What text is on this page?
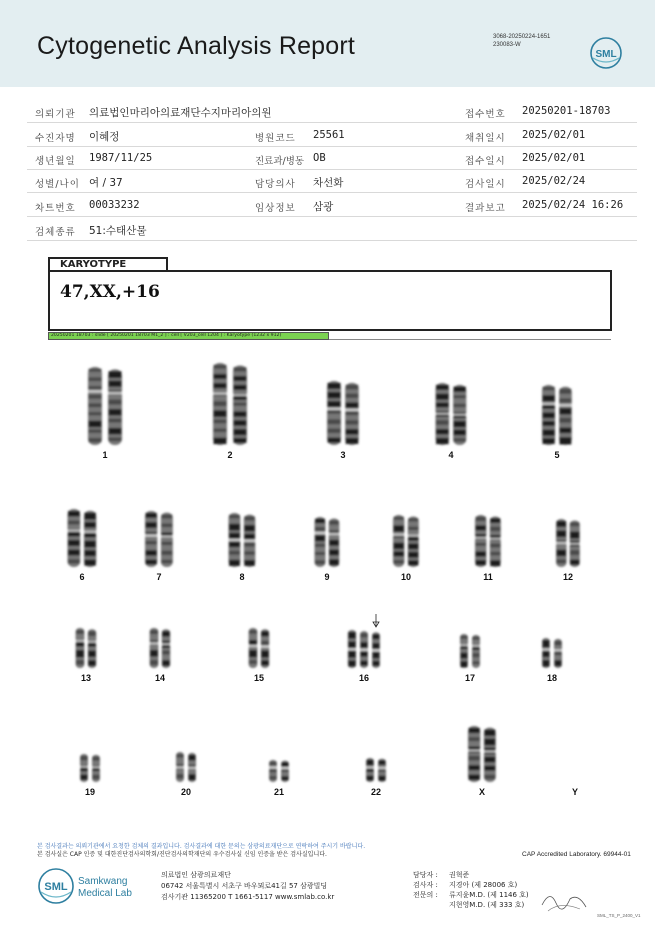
Cytogenetic Analysis Report	3068-20250224-1651
230083-W
SML
의뢰기관 의료법인마리아의료재단수지마리아의원	접수번호 20250201-18703
수진자명 이혜정	병원코드 25561	채취일시 2025/02/01
생년월일 1987/11/25	진료과/병동 OB	접수일시 2025/02/01
성별/나이 여 / 37	담당의사 차선화	검사일시 2025/02/24
차트번호 00033232	임상정보 삼광	결과보고 2025/02/24 16:26
검체종류 51:수태산물
KARYOTYPE
47,XX,+16
20250201 18703 : slide [ 20250201 18703 M1_2 ] : cell [ V203_cell 1204 ] : Karyotype (1232 x 912)
1	2	3	4	5
6	7	8	9	10	11	12
13	14	15	16	17	18
19	20	21	22	X	Y
본 검사결과는 의뢰기관에서 요청한 검체의 결과입니다. 검사결과에 대한 문의는 삼광의료재단으로 연락하여 주시기 바랍니다.
본 검사실은 CAP 인증 및 대한진단검사의학회/진단검사의학재단의 우수검사실 신임 인증을 받은 검사실입니다.	CAP Accredited Laboratory. 69944-01
SML Samkwang
Medical Lab
의료법인 삼광의료재단
06742 서울특별시 서초구 바우뫼로41길 57 삼광빌딩
검사기관 11365200 T 1661-5117 www.smlab.co.kr
담당자 :	권혁준
검사자 :	지경아 (제 28006 호)
전문의 :	류지윤M.D. (제 1146 호)
지현영M.D. (제 333 호)
SML_TS_P_2400_V1
